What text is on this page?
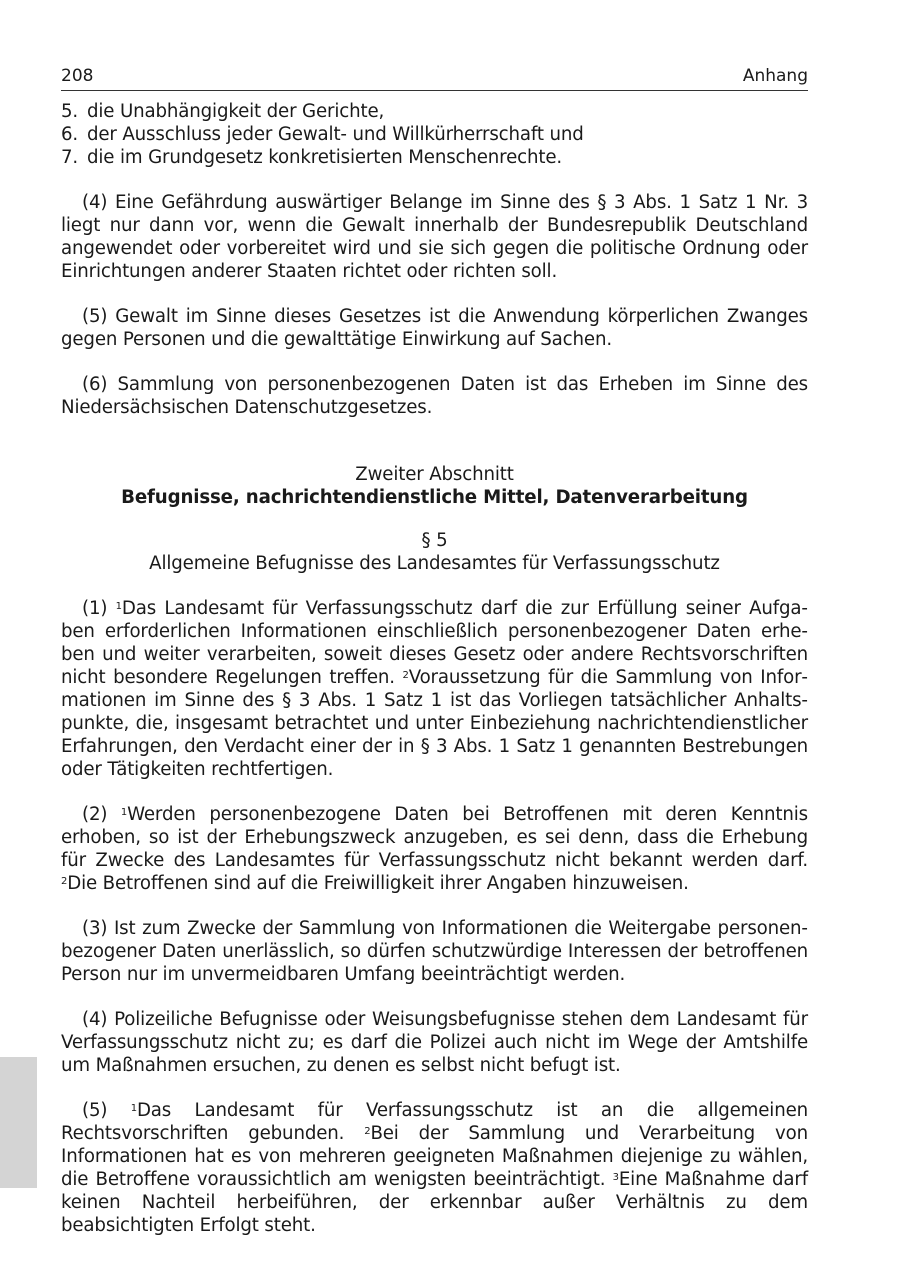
208	Anhang
5. die Unabhängigkeit der Gerichte,
6. der Ausschluss jeder Gewalt- und Willkürherrschaft und
7. die im Grundgesetz konkretisierten Menschenrechte.

(4) Eine Gefährdung auswärtiger Belange im Sinne des § 3 Abs. 1 Satz 1 Nr. 3 liegt nur dann vor, wenn die Gewalt innerhalb der Bundesrepublik Deutschland angewendet oder vorbereitet wird und sie sich gegen die politische Ordnung oder Einrichtungen anderer Staaten richtet oder richten soll.

(5) Gewalt im Sinne dieses Gesetzes ist die Anwendung körperlichen Zwanges gegen Personen und die gewalttätige Einwirkung auf Sachen.

(6) Sammlung von personenbezogenen Daten ist das Erheben im Sinne des Niedersächsischen Datenschutzgesetzes.

Zweiter Abschnitt

Befugnisse, nachrichtendienstliche Mittel, Datenverarbeitung

§ 5

Allgemeine Befugnisse des Landesamtes für Verfassungsschutz

(1) $^1$Das Landesamt für Verfassungsschutz darf die zur Erfüllung seiner Aufgaben erforderlichen Informationen einschließlich personenbezogener Daten erheben und weiter verarbeiten, soweit dieses Gesetz oder andere Rechtsvorschriften nicht besondere Regelungen treffen. $^2$Voraussetzung für die Sammlung von Informationen im Sinne des § 3 Abs. 1 Satz 1 ist das Vorliegen tatsächlicher Anhaltspunkte, die, insgesamt betrachtet und unter Einbeziehung nachrichtendienstlicher Erfahrungen, den Verdacht einer der in § 3 Abs. 1 Satz 1 genannten Bestrebungen oder Tätigkeiten rechtfertigen.

(2) $^1$Werden personenbezogene Daten bei Betroffenen mit deren Kenntnis erhoben, so ist der Erhebungszweck anzugeben, es sei denn, dass die Erhebung für Zwecke des Landesamtes für Verfassungsschutz nicht bekannt werden darf. $^2$Die Betroffenen sind auf die Freiwilligkeit ihrer Angaben hinzuweisen.

(3) Ist zum Zwecke der Sammlung von Informationen die Weitergabe personenbezogener Daten unerlässlich, so dürfen schutzwürdige Interessen der betroffenen Person nur im unvermeidbaren Umfang beeinträchtigt werden.

(4) Polizeiliche Befugnisse oder Weisungsbefugnisse stehen dem Landesamt für Verfassungsschutz nicht zu; es darf die Polizei auch nicht im Wege der Amtshilfe um Maßnahmen ersuchen, zu denen es selbst nicht befugt ist.

(5) $^1$Das Landesamt für Verfassungsschutz ist an die allgemeinen Rechtsvorschriften gebunden. $^2$Bei der Sammlung und Verarbeitung von Informationen hat es von mehreren geeigneten Maßnahmen diejenige zu wählen, die Betroffene voraussichtlich am wenigsten beeinträchtigt. $^3$Eine Maßnahme darf keinen Nachteil herbeiführen, der erkennbar außer Verhältnis zu dem beabsichtigten Erfolgt steht.
